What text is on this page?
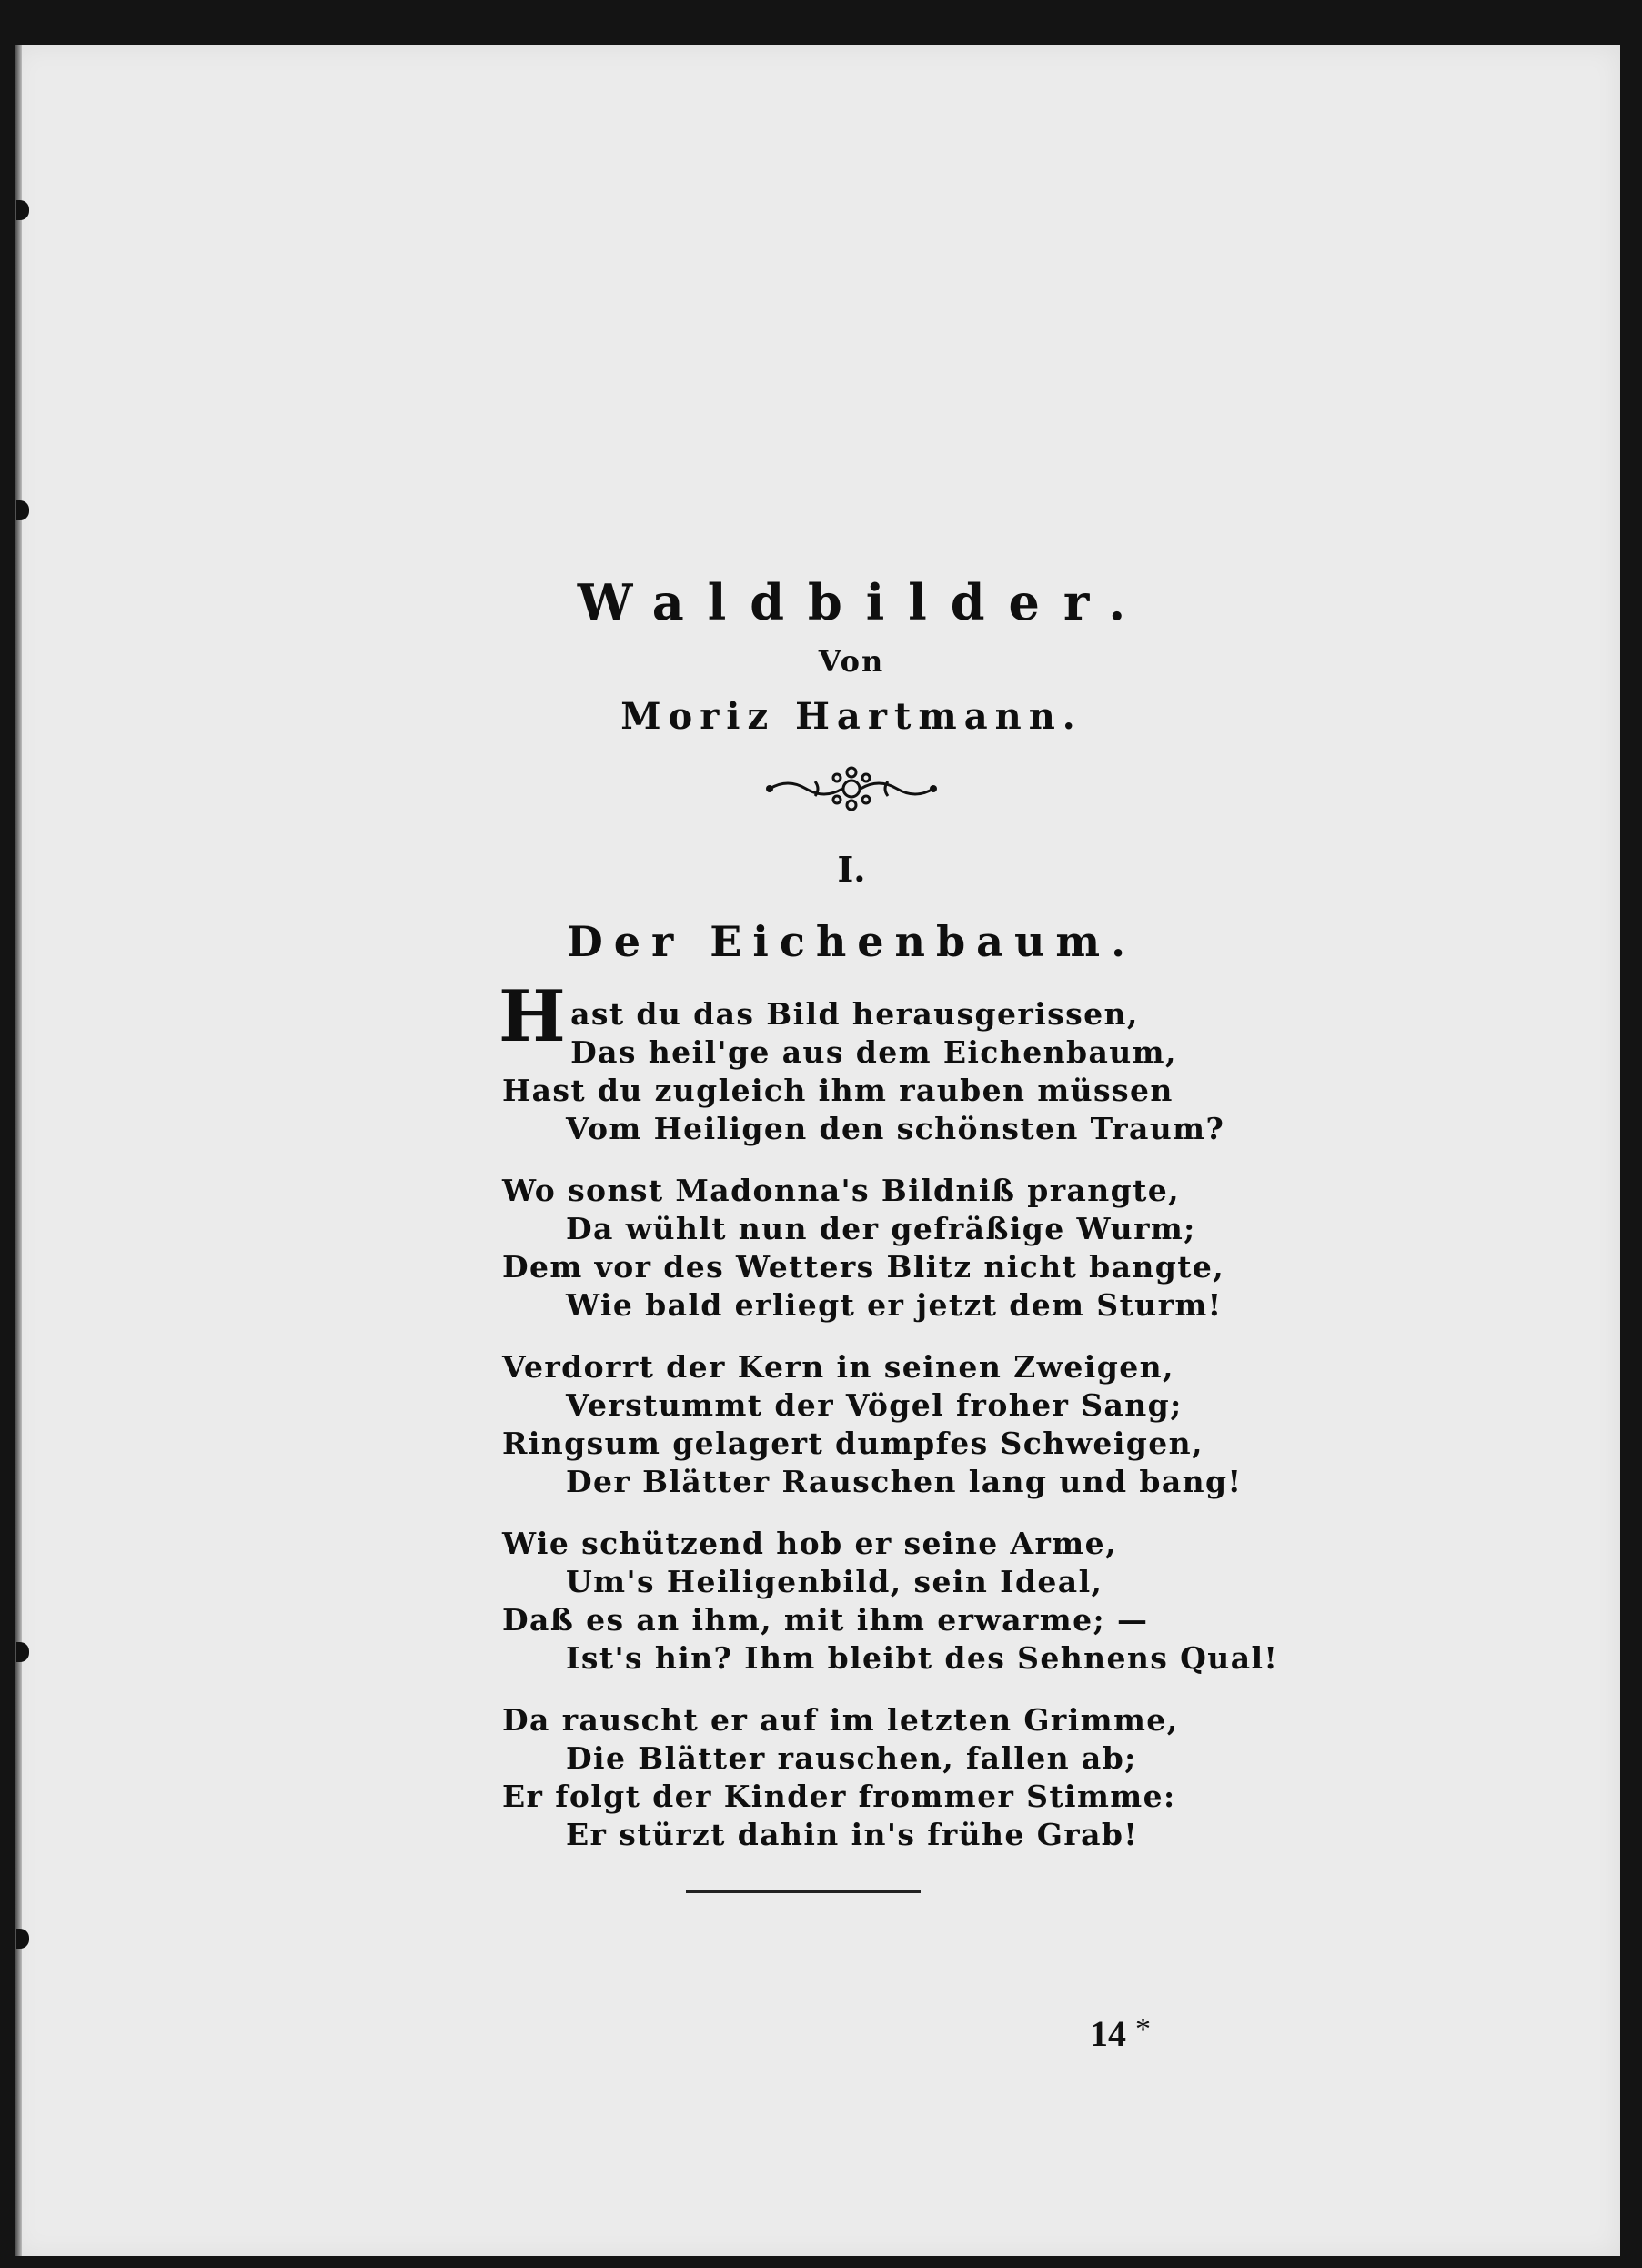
Waldbilder.
Von
Moriz Hartmann.
I.
Der Eichenbaum.
Hast du das Bild herausgerissen,
Das heil'ge aus dem Eichenbaum,
Hast du zugleich ihm rauben müssen
Vom Heiligen den schönsten Traum?
Wo sonst Madonna's Bildniß prangte,
Da wühlt nun der gefräßige Wurm;
Dem vor des Wetters Blitz nicht bangte,
Wie bald erliegt er jetzt dem Sturm!
Verdorrt der Kern in seinen Zweigen,
Verstummt der Vögel froher Sang;
Ringsum gelagert dumpfes Schweigen,
Der Blätter Rauschen lang und bang!
Wie schützend hob er seine Arme,
Um's Heiligenbild, sein Ideal,
Daß es an ihm, mit ihm erwarme; —
Ist's hin? Ihm bleibt des Sehnens Qual!
Da rauscht er auf im letzten Grimme,
Die Blätter rauschen, fallen ab;
Er folgt der Kinder frommer Stimme:
Er stürzt dahin in's frühe Grab!
14 *
